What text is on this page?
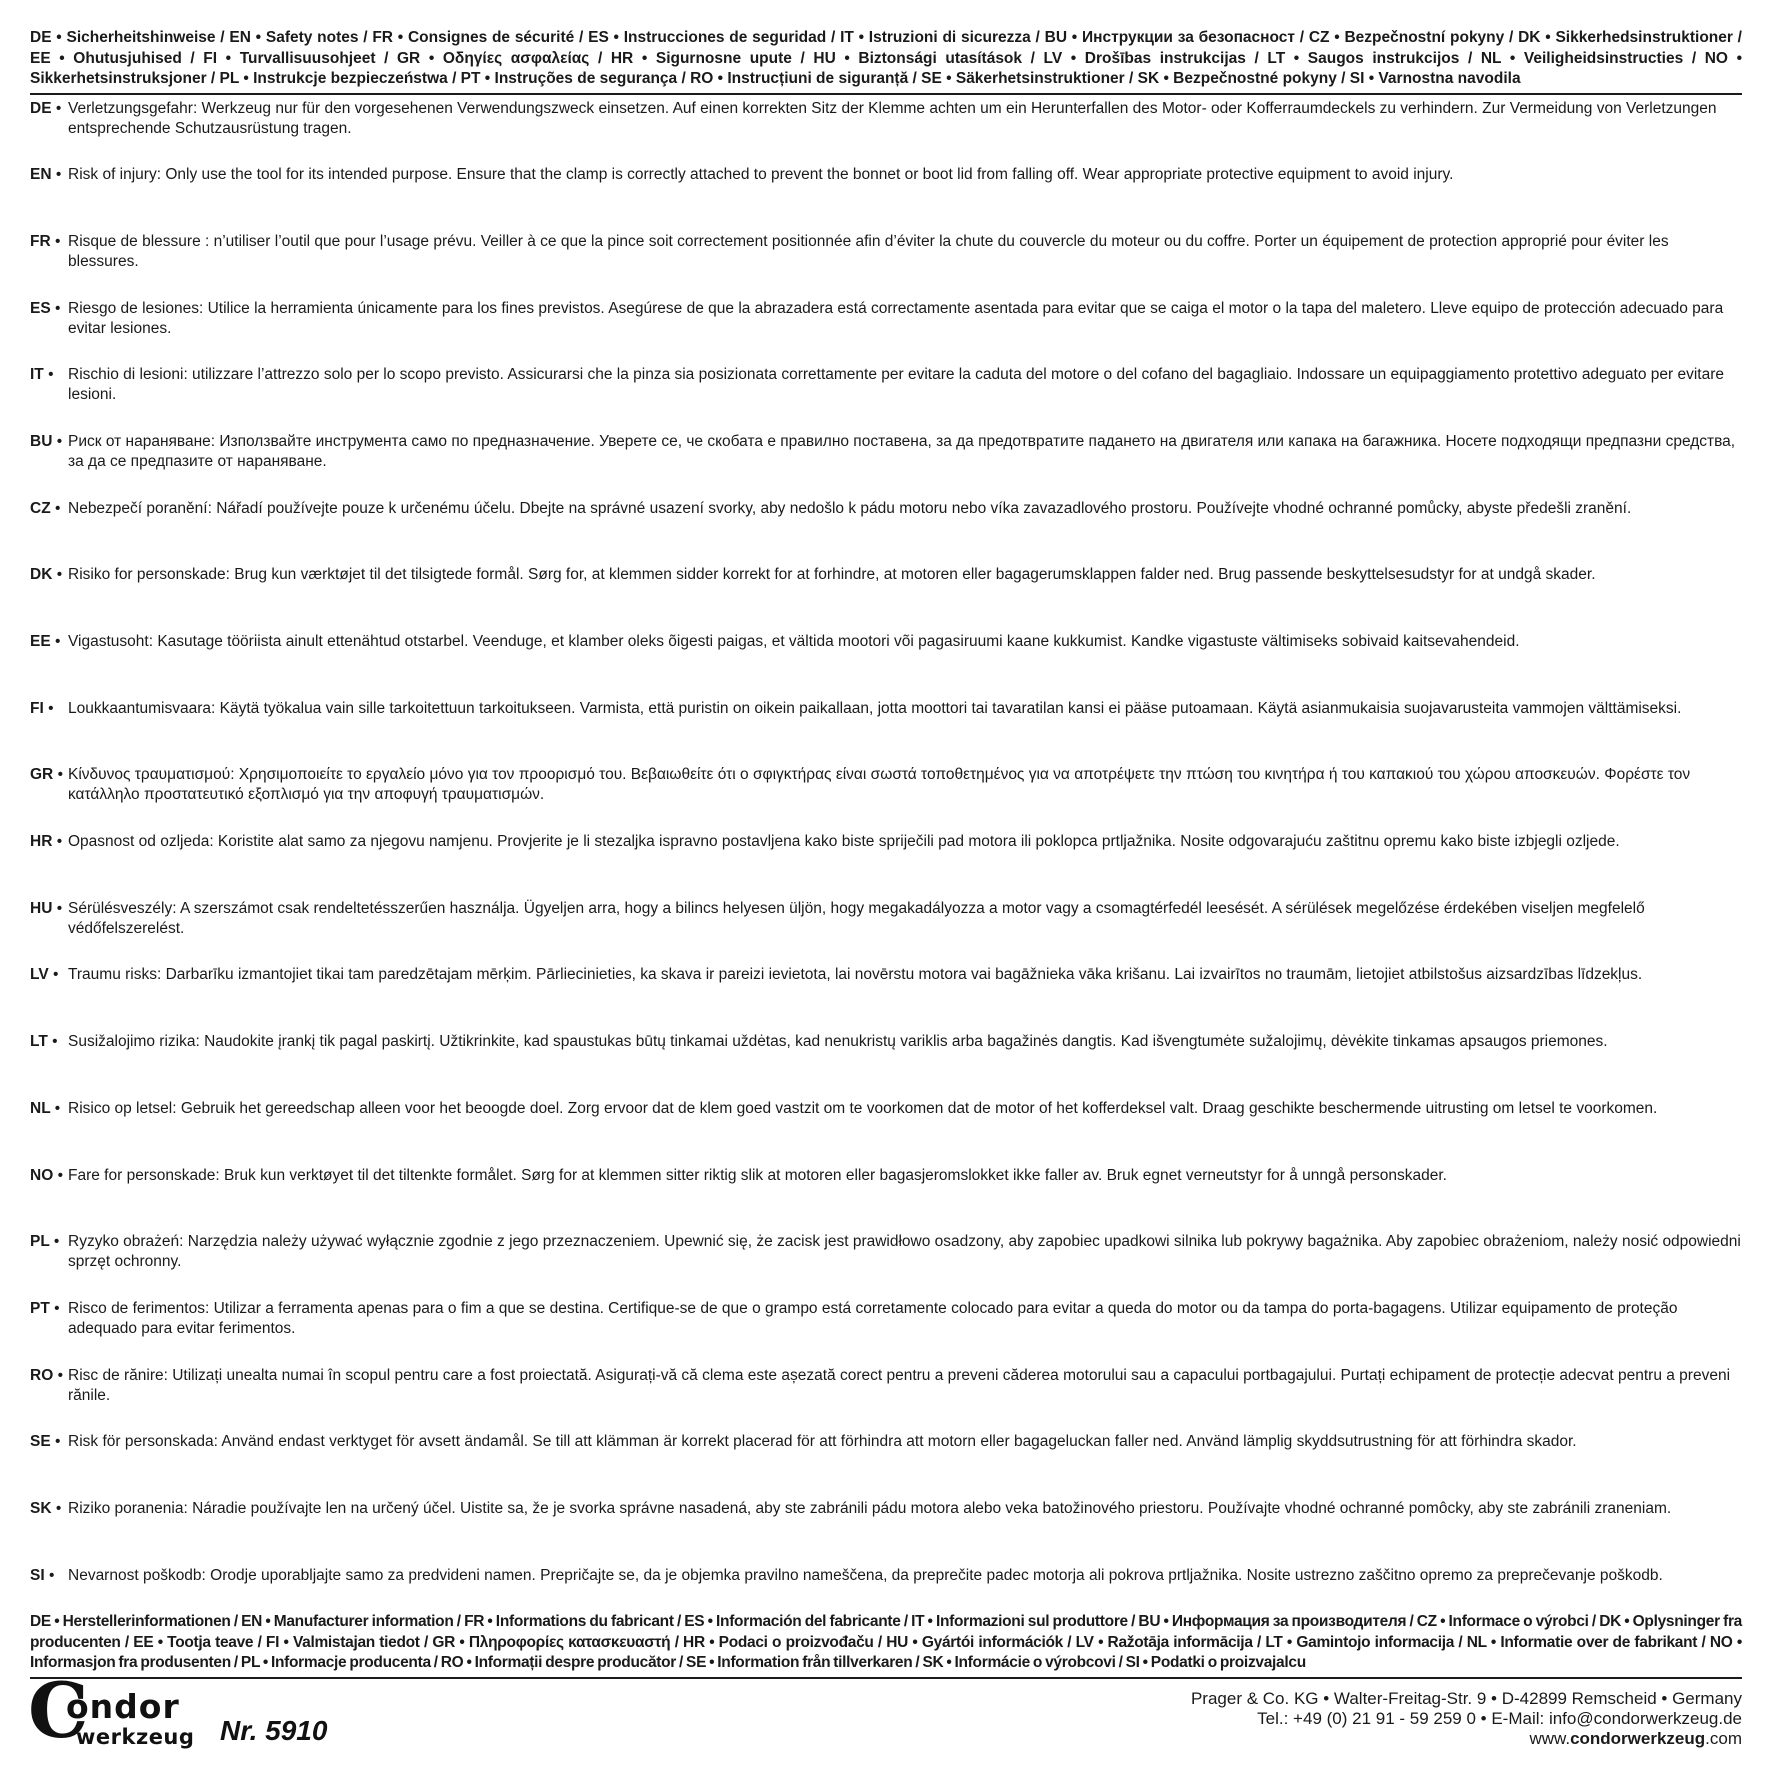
DE • Sicherheitshinweise / EN • Safety notes / FR • Consignes de sécurité / ES • Instrucciones de seguridad / IT • Istruzioni di sicurezza / BU • Инструкции за безопасност / CZ • Bezpečnostní pokyny / DK • Sikkerhedsinstruktioner / EE • Ohutusjuhised / FI • Turvallisuusohjeet / GR • Οδηγίες ασφαλείας / HR • Sigurnosne upute / HU • Biztonsági utasítások / LV • Drošības instrukcijas / LT • Saugos instrukcijos / NL • Veiligheidsinstructies / NO • Sikkerhetsinstruksjoner / PL • Instrukcje bezpieczeństwa / PT • Instruções de segurança / RO • Instrucțiuni de siguranță / SE • Säkerhetsinstruktioner / SK • Bezpečnostné pokyny / SI • Varnostna navodila
DE • Verletzungsgefahr: Werkzeug nur für den vorgesehenen Verwendungszweck einsetzen. Auf einen korrekten Sitz der Klemme achten um ein Herunterfallen des Motor- oder Kofferraumdeckels zu verhindern. Zur Vermeidung von Verletzungen entsprechende Schutzausrüstung tragen.
EN • Risk of injury: Only use the tool for its intended purpose. Ensure that the clamp is correctly attached to prevent the bonnet or boot lid from falling off. Wear appropriate protective equipment to avoid injury.
FR • Risque de blessure : n’utiliser l’outil que pour l’usage prévu. Veiller à ce que la pince soit correctement positionnée afin d’éviter la chute du couvercle du moteur ou du coffre. Porter un équipement de protection approprié pour éviter les blessures.
ES • Riesgo de lesiones: Utilice la herramienta únicamente para los fines previstos. Asegúrese de que la abrazadera está correctamente asentada para evitar que se caiga el motor o la tapa del maletero. Lleve equipo de protección adecuado para evitar lesiones.
IT • Rischio di lesioni: utilizzare l’attrezzo solo per lo scopo previsto. Assicurarsi che la pinza sia posizionata correttamente per evitare la caduta del motore o del cofano del bagagliaio. Indossare un equipaggiamento protettivo adeguato per evitare lesioni.
BU • Риск от нараняване: Използвайте инструмента само по предназначение. Уверете се, че скобата е правилно поставена, за да предотвратите падането на двигателя или капака на багажника. Носете подходящи предпазни средства, за да се предпазите от нараняване.
CZ • Nebezpečí poranění: Nářadí používejte pouze k určenému účelu. Dbejte na správné usazení svorky, aby nedošlo k pádu motoru nebo víka zavazadlového prostoru. Používejte vhodné ochranné pomůcky, abyste předešli zranění.
DK • Risiko for personskade: Brug kun værktøjet til det tilsigtede formål. Sørg for, at klemmen sidder korrekt for at forhindre, at motoren eller bagagerumsklappen falder ned. Brug passende beskyttelsesudstyr for at undgå skader.
EE • Vigastusoht: Kasutage tööriista ainult ettenähtud otstarbel. Veenduge, et klamber oleks õigesti paigas, et vältida mootori või pagasiruumi kaane kukkumist. Kandke vigastuste vältimiseks sobivaid kaitsevahendeid.
FI • Loukkaantumisvaara: Käytä työkalua vain sille tarkoitettuun tarkoitukseen. Varmista, että puristin on oikein paikallaan, jotta moottori tai tavaratilan kansi ei pääse putoamaan. Käytä asianmukaisia suojavarusteita vammojen välttämiseksi.
GR • Κίνδυνος τραυματισμού: Χρησιμοποιείτε το εργαλείο μόνο για τον προορισμό του. Βεβαιωθείτε ότι ο σφιγκτήρας είναι σωστά τοποθετημένος για να αποτρέψετε την πτώση του κινητήρα ή του καπακιού του χώρου αποσκευών. Φορέστε τον κατάλληλο προστατευτικό εξοπλισμό για την αποφυγή τραυματισμών.
HR • Opasnost od ozljeda: Koristite alat samo za njegovu namjenu. Provjerite je li stezaljka ispravno postavljena kako biste spriječili pad motora ili poklopca prtljažnika. Nosite odgovarajuću zaštitnu opremu kako biste izbjegli ozljede.
HU • Sérülésveszély: A szerszámot csak rendeltetésszerűen használja. Ügyeljen arra, hogy a bilincs helyesen üljön, hogy megakadályozza a motor vagy a csomagtérfedél leesését. A sérülések megelőzése érdekében viseljen megfelelő védőfelszerelést.
LV • Traumu risks: Darbarīku izmantojiet tikai tam paredzētajam mērķim. Pārliecinieties, ka skava ir pareizi ievietota, lai novērstu motora vai bagāžnieka vāka krišanu. Lai izvairītos no traumām, lietojiet atbilstošus aizsardzības līdzekļus.
LT • Susižalojimo rizika: Naudokite įrankį tik pagal paskirtį. Užtikrinkite, kad spaustukas būtų tinkamai uždėtas, kad nenukristų variklis arba bagažinės dangtis. Kad išvengtumėte sužalojimų, dėvėkite tinkamas apsaugos priemones.
NL • Risico op letsel: Gebruik het gereedschap alleen voor het beoogde doel. Zorg ervoor dat de klem goed vastzit om te voorkomen dat de motor of het kofferdeksel valt. Draag geschikte beschermende uitrusting om letsel te voorkomen.
NO • Fare for personskade: Bruk kun verktøyet til det tiltenkte formålet. Sørg for at klemmen sitter riktig slik at motoren eller bagasjeromslokket ikke faller av. Bruk egnet verneutstyr for å unngå personskader.
PL • Ryzyko obrażeń: Narzędzia należy używać wyłącznie zgodnie z jego przeznaczeniem. Upewnić się, że zacisk jest prawidłowo osadzony, aby zapobiec upadkowi silnika lub pokrywy bagażnika. Aby zapobiec obrażeniom, należy nosić odpowiedni sprzęt ochronny.
PT • Risco de ferimentos: Utilizar a ferramenta apenas para o fim a que se destina. Certifique-se de que o grampo está corretamente colocado para evitar a queda do motor ou da tampa do porta-bagagens. Utilizar equipamento de proteção adequado para evitar ferimentos.
RO • Risc de rănire: Utilizați unealta numai în scopul pentru care a fost proiectată. Asigurați-vă că clema este așezată corect pentru a preveni căderea motorului sau a capacului portbagajului. Purtați echipament de protecție adecvat pentru a preveni rănile.
SE • Risk för personskada: Använd endast verktyget för avsett ändamål. Se till att klämman är korrekt placerad för att förhindra att motorn eller bagageluckan faller ned. Använd lämplig skyddsutrustning för att förhindra skador.
SK • Riziko poranenia: Náradie používajte len na určený účel. Uistite sa, že je svorka správne nasadená, aby ste zabránili pádu motora alebo veka batožinového priestoru. Používajte vhodné ochranné pomôcky, aby ste zabránili zraneniam.
SI • Nevarnost poškodb: Orodje uporabljajte samo za predvideni namen. Prepričajte se, da je objemka pravilno nameščena, da preprečite padec motorja ali pokrova prtljažnika. Nosite ustrezno zaščitno opremo za preprečevanje poškodb.
DE • Herstellerinformationen / EN • Manufacturer information / FR • Informations du fabricant / ES • Información del fabricante / IT • Informazioni sul produttore / BU • Информация за производителя / CZ • Informace o výrobci / DK • Oplysninger fra producenten / EE • Tootja teave / FI • Valmistajan tiedot / GR • Πληροφορίες κατασκευαστή / HR • Podaci o proizvođaču / HU • Gyártói információk / LV • Ražotāja informācija / LT • Gamintojo informacija / NL • Informatie over de fabrikant / NO • Informasjon fra produsenten / PL • Informacje producenta / RO • Informații despre producător / SE • Information från tillverkaren / SK • Informácie o výrobcovi / SI • Podatki o proizvajalcu
C
ondor
werkzeug Nr. 5910
Prager & Co. KG • Walter-Freitag-Str. 9 • D-42899 Remscheid • Germany
Tel.: +49 (0) 21 91 - 59 259 0 • E-Mail: info@condorwerkzeug.de
www.condorwerkzeug.com
